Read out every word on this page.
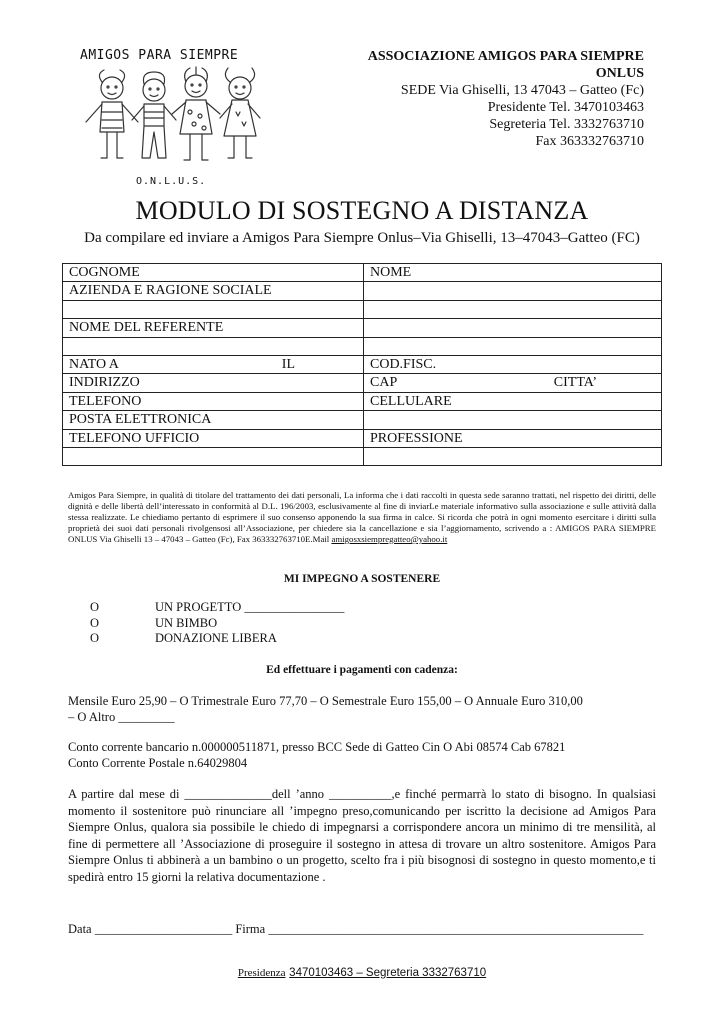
AMIGOS PARA SIEMPRE
O.N.L.U.S.
ASSOCIAZIONE AMIGOS PARA SIEMPRE
ONLUS
SEDE Via Ghiselli, 13 47043 – Gatteo (Fc)
Presidente Tel. 3470103463
Segreteria Tel. 3332763710
Fax 363332763710
MODULO DI SOSTEGNO A DISTANZA
Da compilare ed inviare a Amigos Para Siempre Onlus–Via Ghiselli, 13–47043–Gatteo (FC)
COGNOME	NOME
AZIENDA E RAGIONE SOCIALE	

NOME DEL REFERENTE	

NATO A IL	COD.FISC.
INDIRIZZO	CAP CITTA’

TELEFONO	CELLULARE
POSTA ELETTRONICA	
TELEFONO UFFICIO	PROFESSIONE

Amigos Para Siempre, in qualità di titolare del trattamento dei dati personali, La informa che i dati raccolti in questa sede saranno trattati, nel rispetto dei diritti, delle dignità e delle libertà dell’interessato in conformità al D.L. 196/2003, esclusivamente al fine di inviarLe materiale informativo sulla associazione e sulle attività dalla stessa realizzate. Le chiediamo pertanto di esprimere il suo consenso apponendo la sua firma in calce. Si ricorda che potrà in ogni momento esercitare i diritti sulla proprietà dei suoi dati personali rivolgensosi all’Associazione, per chiedere sia la cancellazione e sia l’aggiornamento, scrivendo a : AMIGOS PARA SIEMPRE ONLUS Via Ghiselli 13 – 47043 – Gatteo (Fc), Fax 363332763710E.Mail amigosxsiempregatteo@yahoo.it
MI IMPEGNO A SOSTENERE
O	UN PROGETTO ________________
O	UN BIMBO
O	DONAZIONE LIBERA
Ed effettuare i pagamenti con cadenza:
Mensile Euro 25,90 – O Trimestrale Euro 77,70 – O Semestrale Euro 155,00 – O Annuale Euro 310,00
– O Altro _________
Conto corrente bancario n.000000511871, presso BCC Sede di Gatteo Cin O Abi 08574 Cab 67821
Conto Corrente Postale n.64029804
A partire dal mese di ______________dell ’anno __________,e finché permarrà lo stato di bisogno. In qualsiasi momento il sostenitore può rinunciare all ’impegno preso,comunicando per iscritto la decisione ad Amigos Para Siempre Onlus, qualora sia possibile le chiedo di impegnarsi a corrispondere ancora un minimo di tre mensilità, al fine di permettere all ’Associazione di proseguire il sostegno in attesa di trovare un altro sostenitore. Amigos Para Siempre Onlus ti abbinerà a un bambino o un progetto, scelto fra i più bisognosi di sostegno in questo momento,e ti spedirà entro 15 giorni la relativa documentazione .
Data ______________________ Firma ____________________________________________________________
Presidenza 3470103463 – Segreteria 3332763710
